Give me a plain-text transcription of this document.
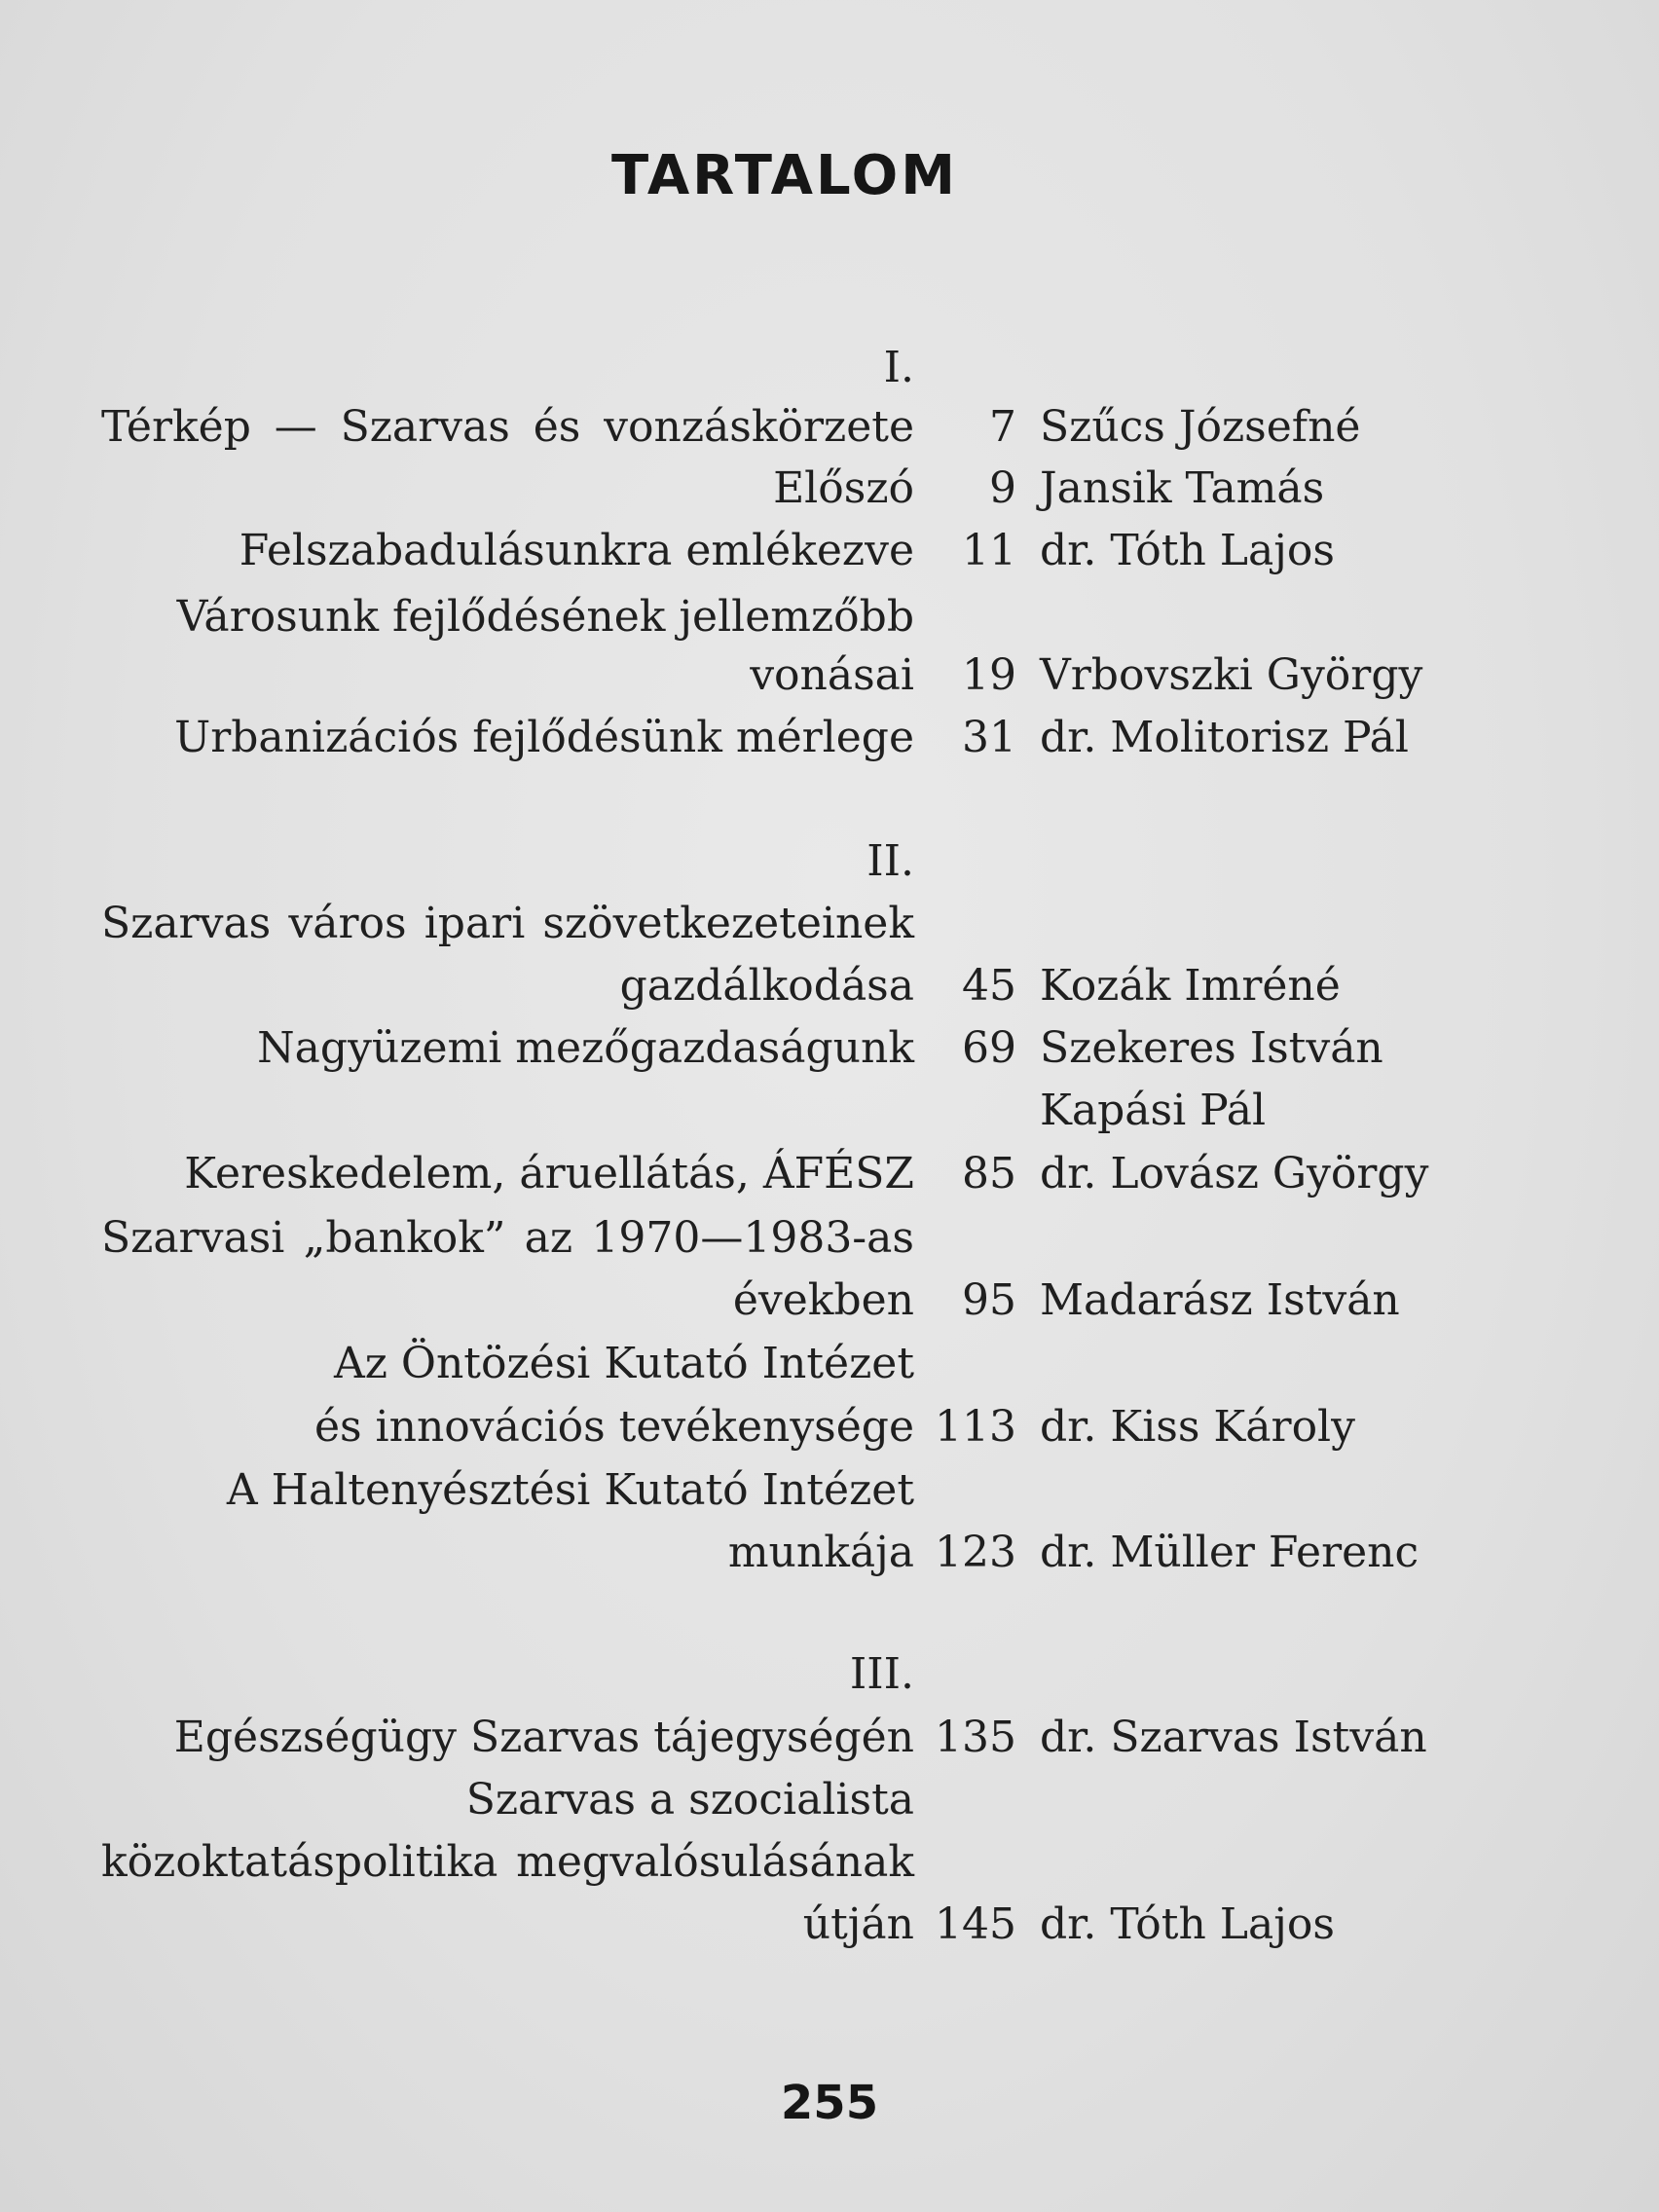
TARTALOM
I.
Térkép — Szarvas és vonzáskörzete 7 Szűcs Józsefné
Előszó 9 Jansik Tamás
Felszabadulásunkra emlékezve 11 dr. Tóth Lajos
Városunk fejlődésének jellemzőbb
vonásai 19 Vrbovszki György
Urbanizációs fejlődésünk mérlege 31 dr. Molitorisz Pál
II.
Szarvas város ipari szövetkezeteinek
gazdálkodása 45 Kozák Imréné
Nagyüzemi mezőgazdaságunk 69 Szekeres István
Kapási Pál
Kereskedelem, áruellátás, ÁFÉSZ 85 dr. Lovász György
Szarvasi „bankok” az 1970—1983-as
években 95 Madarász István
Az Öntözési Kutató Intézet
és innovációs tevékenysége 113 dr. Kiss Károly
A Haltenyésztési Kutató Intézet
munkája 123 dr. Müller Ferenc
III.
Egészségügy Szarvas tájegységén 135 dr. Szarvas István
Szarvas a szocialista
közoktatáspolitika megvalósulásának
útján 145 dr. Tóth Lajos
255
